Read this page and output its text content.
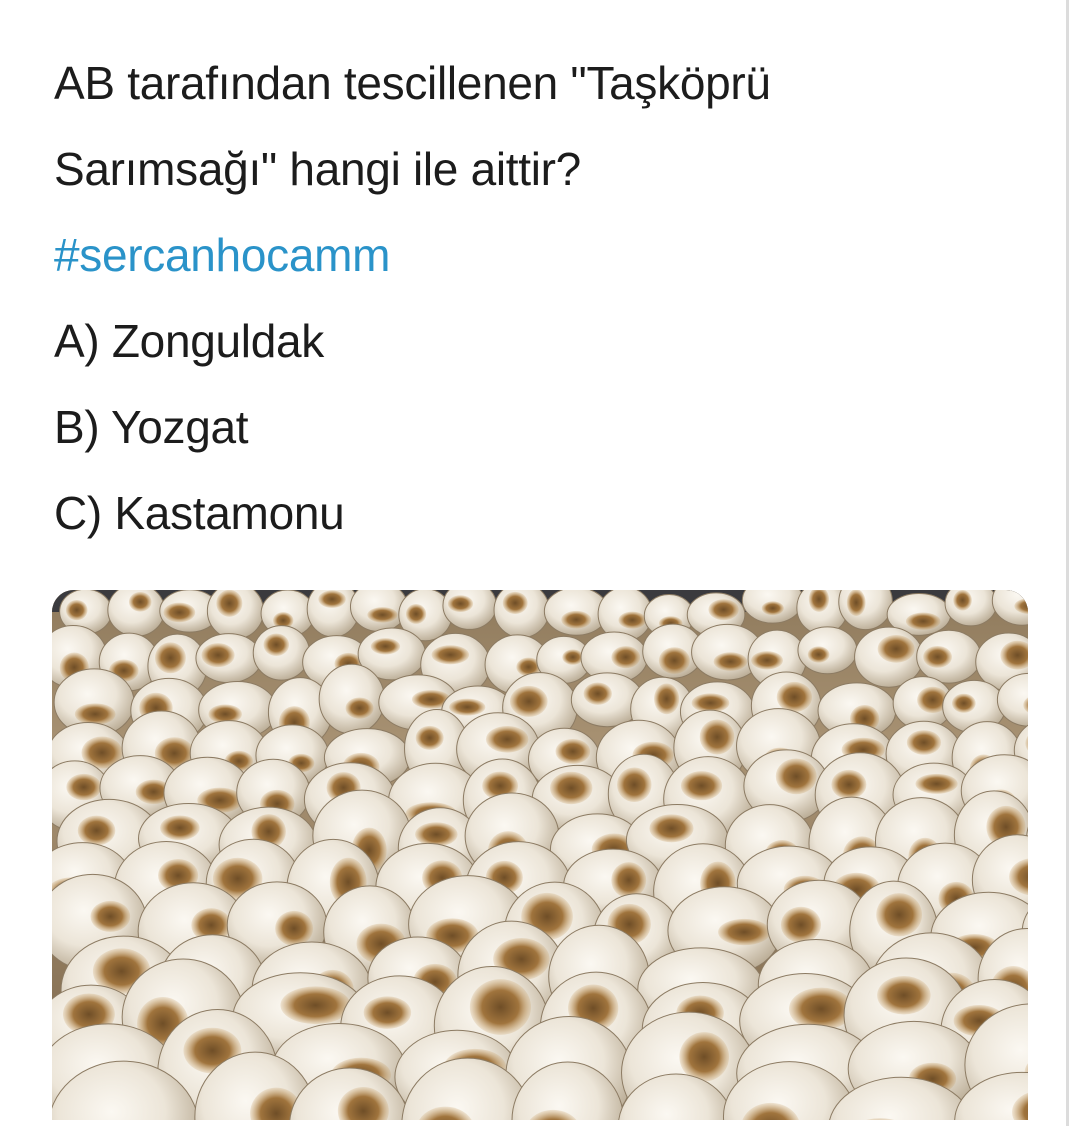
AB tarafından tescillenen "Taşköprü
Sarımsağı" hangi ile aittir?
#sercanhocamm
A) Zonguldak
B) Yozgat
C) Kastamonu
